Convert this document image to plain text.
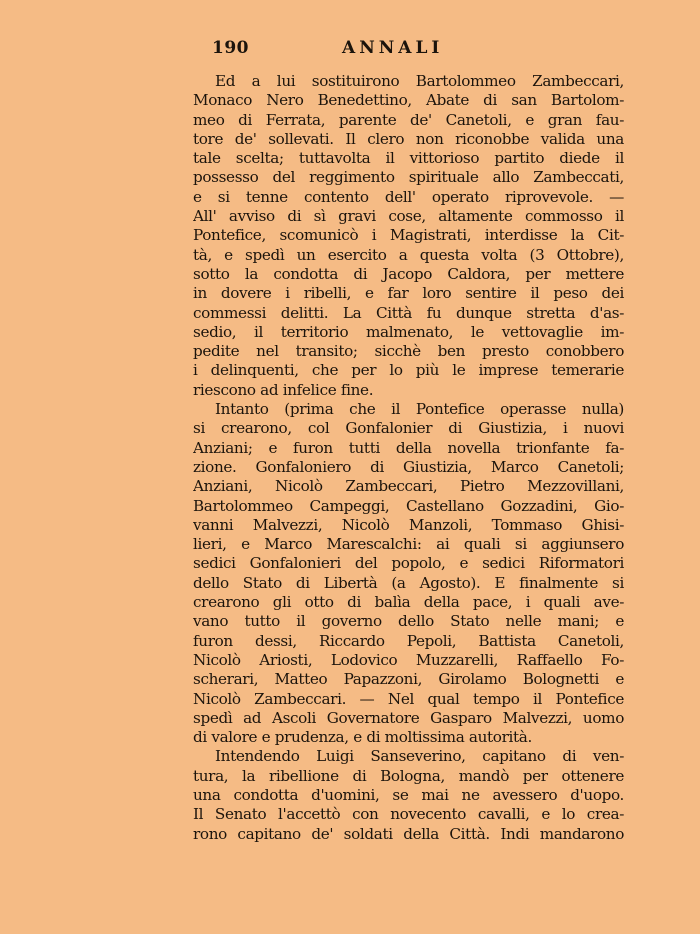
190	ANNALI
Ed a lui sostituirono Bartolommeo Zambeccari,
Monaco Nero Benedettino, Abate di san Bartolom-
meo di Ferrata, parente de' Canetoli, e gran fau-
tore de' sollevati. Il clero non riconobbe valida una
tale scelta; tuttavolta il vittorioso partito diede il
possesso del reggimento spirituale allo Zambeccati,
e si tenne contento dell' operato riprovevole. —
All' avviso di sì gravi cose, altamente commosso il
Pontefice, scomunicò i Magistrati, interdisse la Cit-
tà, e spedì un esercito a questa volta (3 Ottobre),
sotto la condotta di Jacopo Caldora, per mettere
in dovere i ribelli, e far loro sentire il peso dei
commessi delitti. La Città fu dunque stretta d'as-
sedio, il territorio malmenato, le vettovaglie im-
pedite nel transito; sicchè ben presto conobbero
i delinquenti, che per lo più le imprese temerarie
riescono ad infelice fine.
Intanto (prima che il Pontefice operasse nulla)
si crearono, col Gonfalonier di Giustizia, i nuovi
Anziani; e furon tutti della novella trionfante fa-
zione. Gonfaloniero di Giustizia, Marco Canetoli;
Anziani, Nicolò Zambeccari, Pietro Mezzovillani,
Bartolommeo Campeggi, Castellano Gozzadini, Gio-
vanni Malvezzi, Nicolò Manzoli, Tommaso Ghisi-
lieri, e Marco Marescalchi: ai quali si aggiunsero
sedici Gonfalonieri del popolo, e sedici Riformatori
dello Stato di Libertà (a Agosto). E finalmente si
crearono gli otto di balìa della pace, i quali ave-
vano tutto il governo dello Stato nelle mani; e
furon dessi, Riccardo Pepoli, Battista Canetoli,
Nicolò Ariosti, Lodovico Muzzarelli, Raffaello Fo-
scherari, Matteo Papazzoni, Girolamo Bolognetti e
Nicolò Zambeccari. — Nel qual tempo il Pontefice
spedì ad Ascoli Governatore Gasparo Malvezzi, uomo
di valore e prudenza, e di moltissima autorità.
Intendendo Luigi Sanseverino, capitano di ven-
tura, la ribellione di Bologna, mandò per ottenere
una condotta d'uomini, se mai ne avessero d'uopo.
Il Senato l'accettò con novecento cavalli, e lo crea-
rono capitano de' soldati della Città. Indi mandarono
